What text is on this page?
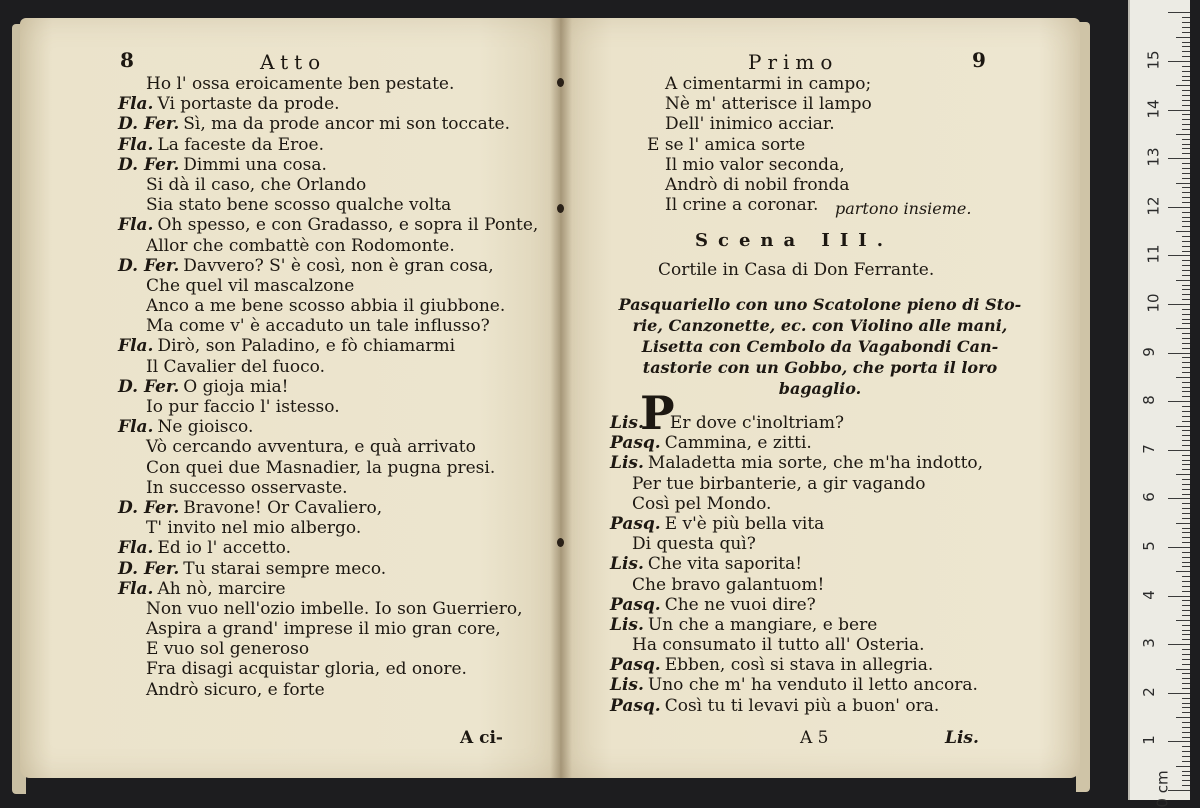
8	Atto
Ho l' ossa eroicamente ben pestate.
Fla.Vi portaste da prode.
D. Fer.Sì, ma da prode ancor mi son toccate.
Fla.La faceste da Eroe.
D. Fer.Dimmi una cosa.
Si dà il caso, che Orlando
Sia stato bene scosso qualche volta
Fla.Oh spesso, e con Gradasso, e sopra il Ponte,
Allor che combattè con Rodomonte.
D. Fer.Davvero? S' è così, non è gran cosa,
Che quel vil mascalzone
Anco a me bene scosso abbia il giubbone.
Ma come v' è accaduto un tale influsso?
Fla.Dirò, son Paladino, e fò chiamarmi
Il Cavalier del fuoco.
D. Fer.O gioja mia!
Io pur faccio l' istesso.
Fla.Ne gioisco.
Vò cercando avventura, e quà arrivato
Con quei due Masnadier, la pugna presi.
In successo osservaste.
D. Fer.Bravone! Or Cavaliero,
T' invito nel mio albergo.
Fla.Ed io l' accetto.
D. Fer.Tu starai sempre meco.
Fla.Ah nò, marcire
Non vuo nell'ozio imbelle. Io son Guerriero,
Aspira a grand' imprese il mio gran core,
E vuo sol generoso
Fra disagi acquistar gloria, ed onore.
Andrò sicuro, e forte
A ci-
Primo	9
A cimentarmi in campo;
Nè m' atterisce il lampo
Dell' inimico acciar.
E se l' amica sorte
Il mio valor seconda,
Andrò di nobil fronda
Il crine a coronar.	partono insieme.
Scena III.
Cortile in Casa di Don Ferrante.
Pasquariello con uno Scatolone pieno di Sto-
rie, Canzonette, ec. con Violino alle mani,
Lisetta con Cembolo da Vagabondi Can-
tastorie con un Gobbo, che porta il loro
bagaglio.
Lis.Er dove c'inoltriam?
Pasq.Cammina, e zitti.
Lis.Maladetta mia sorte, che m'ha indotto,
Per tue birbanterie, a gir vagando
Così pel Mondo.
Pasq.E v'è più bella vita
Di questa quì?
Lis.Che vita saporita!
Che bravo galantuom!
Pasq.Che ne vuoi dire?
Lis.Un che a mangiare, e bere
Ha consumato il tutto all' Osteria.
Pasq.Ebben, così si stava in allegria.
Lis.Uno che m' ha venduto il letto ancora.
Pasq.Così tu ti levavi più a buon' ora.
P
A 5	Lis.
15
14
13
12
11
10
9
8
7
6
5
4
3
2
1
0 cm
